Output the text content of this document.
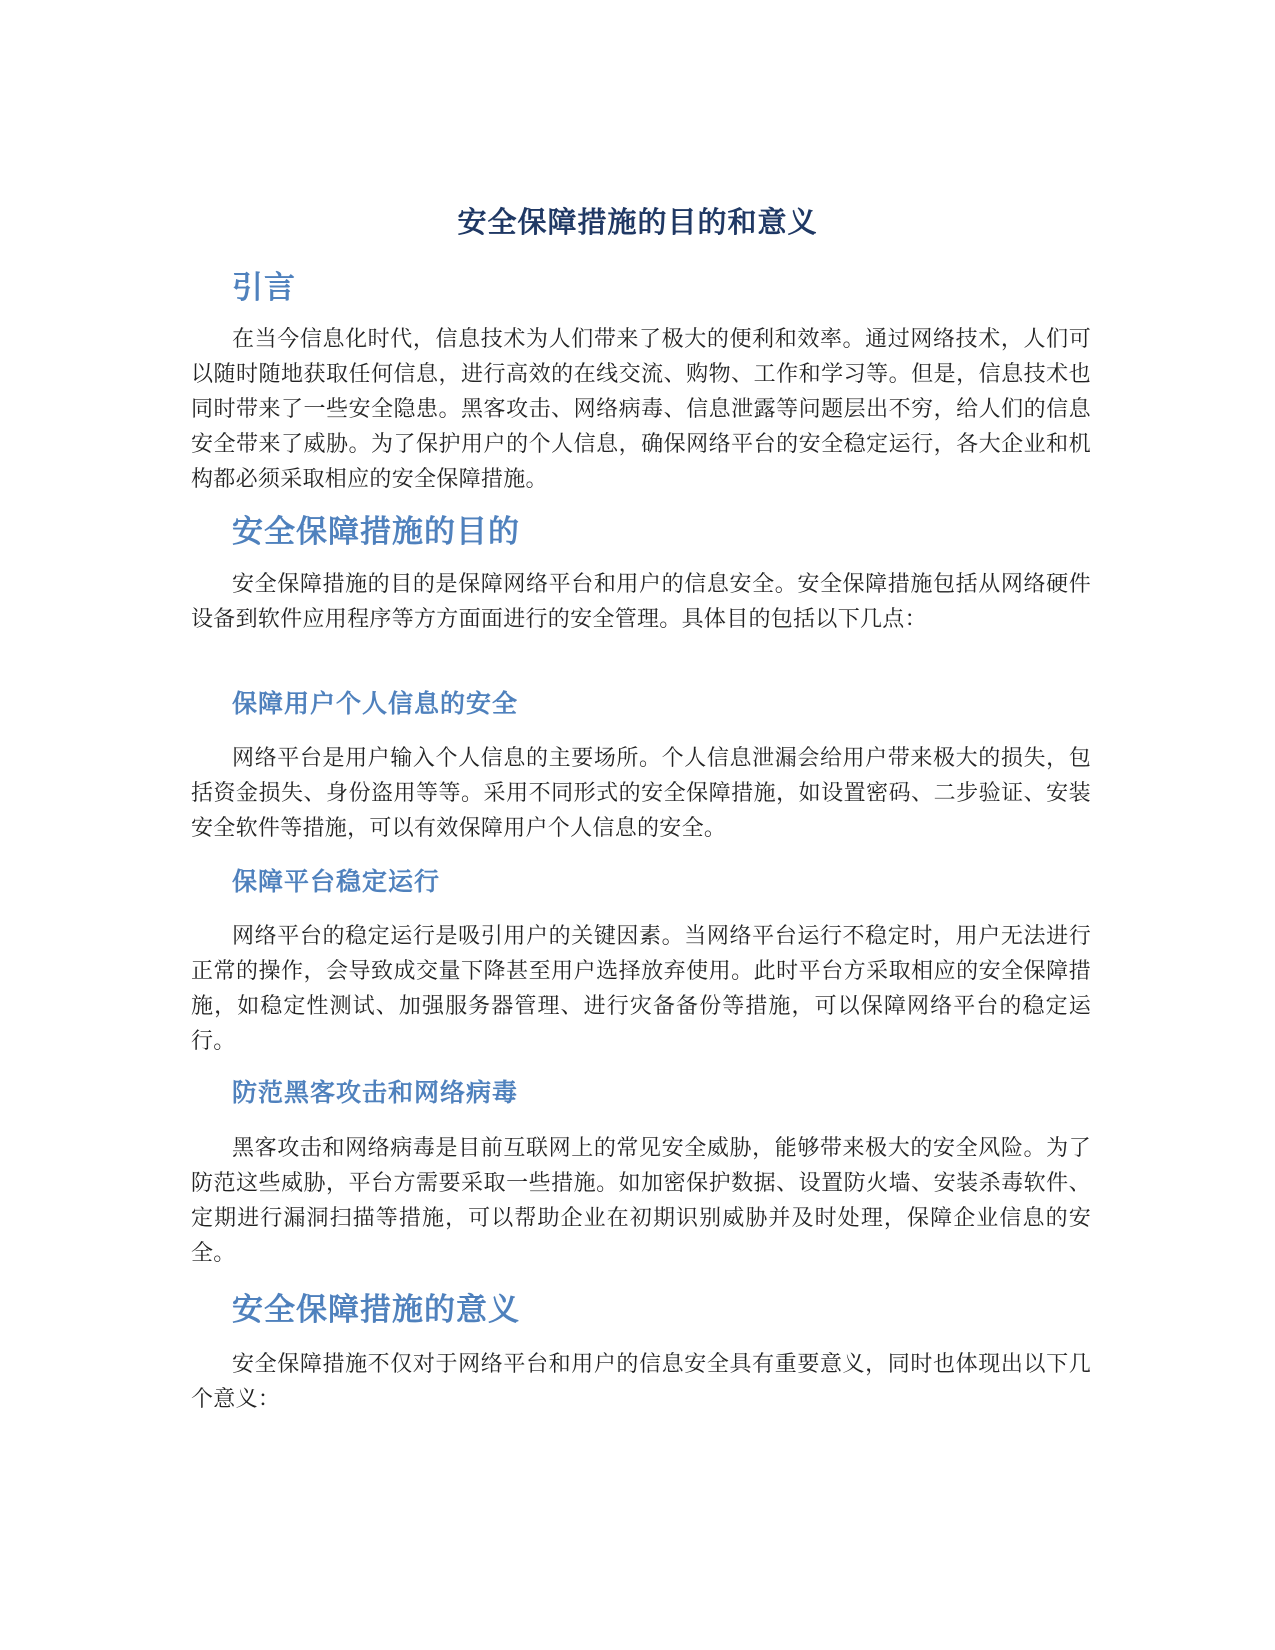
安全保障措施的目的和意义
引言

在当今信息化时代，信息技术为人们带来了极大的便利和效率。通过网络技术，人们可以随时随地获取任何信息，进行高效的在线交流、购物、工作和学习等。但是，信息技术也同时带来了一些安全隐患。黑客攻击、网络病毒、信息泄露等问题层出不穷，给人们的信息安全带来了威胁。为了保护用户的个人信息，确保网络平台的安全稳定运行，各大企业和机构都必须采取相应的安全保障措施。

安全保障措施的目的

安全保障措施的目的是保障网络平台和用户的信息安全。安全保障措施包括从网络硬件设备到软件应用程序等方方面面进行的安全管理。具体目的包括以下几点：

保障用户个人信息的安全

网络平台是用户输入个人信息的主要场所。个人信息泄漏会给用户带来极大的损失，包括资金损失、身份盗用等等。采用不同形式的安全保障措施，如设置密码、二步验证、安装安全软件等措施，可以有效保障用户个人信息的安全。

保障平台稳定运行

网络平台的稳定运行是吸引用户的关键因素。当网络平台运行不稳定时，用户无法进行正常的操作，会导致成交量下降甚至用户选择放弃使用。此时平台方采取相应的安全保障措施，如稳定性测试、加强服务器管理、进行灾备备份等措施，可以保障网络平台的稳定运行。

防范黑客攻击和网络病毒

黑客攻击和网络病毒是目前互联网上的常见安全威胁，能够带来极大的安全风险。为了防范这些威胁，平台方需要采取一些措施。如加密保护数据、设置防火墙、安装杀毒软件、定期进行漏洞扫描等措施，可以帮助企业在初期识别威胁并及时处理，保障企业信息的安全。

安全保障措施的意义

安全保障措施不仅对于网络平台和用户的信息安全具有重要意义，同时也体现出以下几个意义：
